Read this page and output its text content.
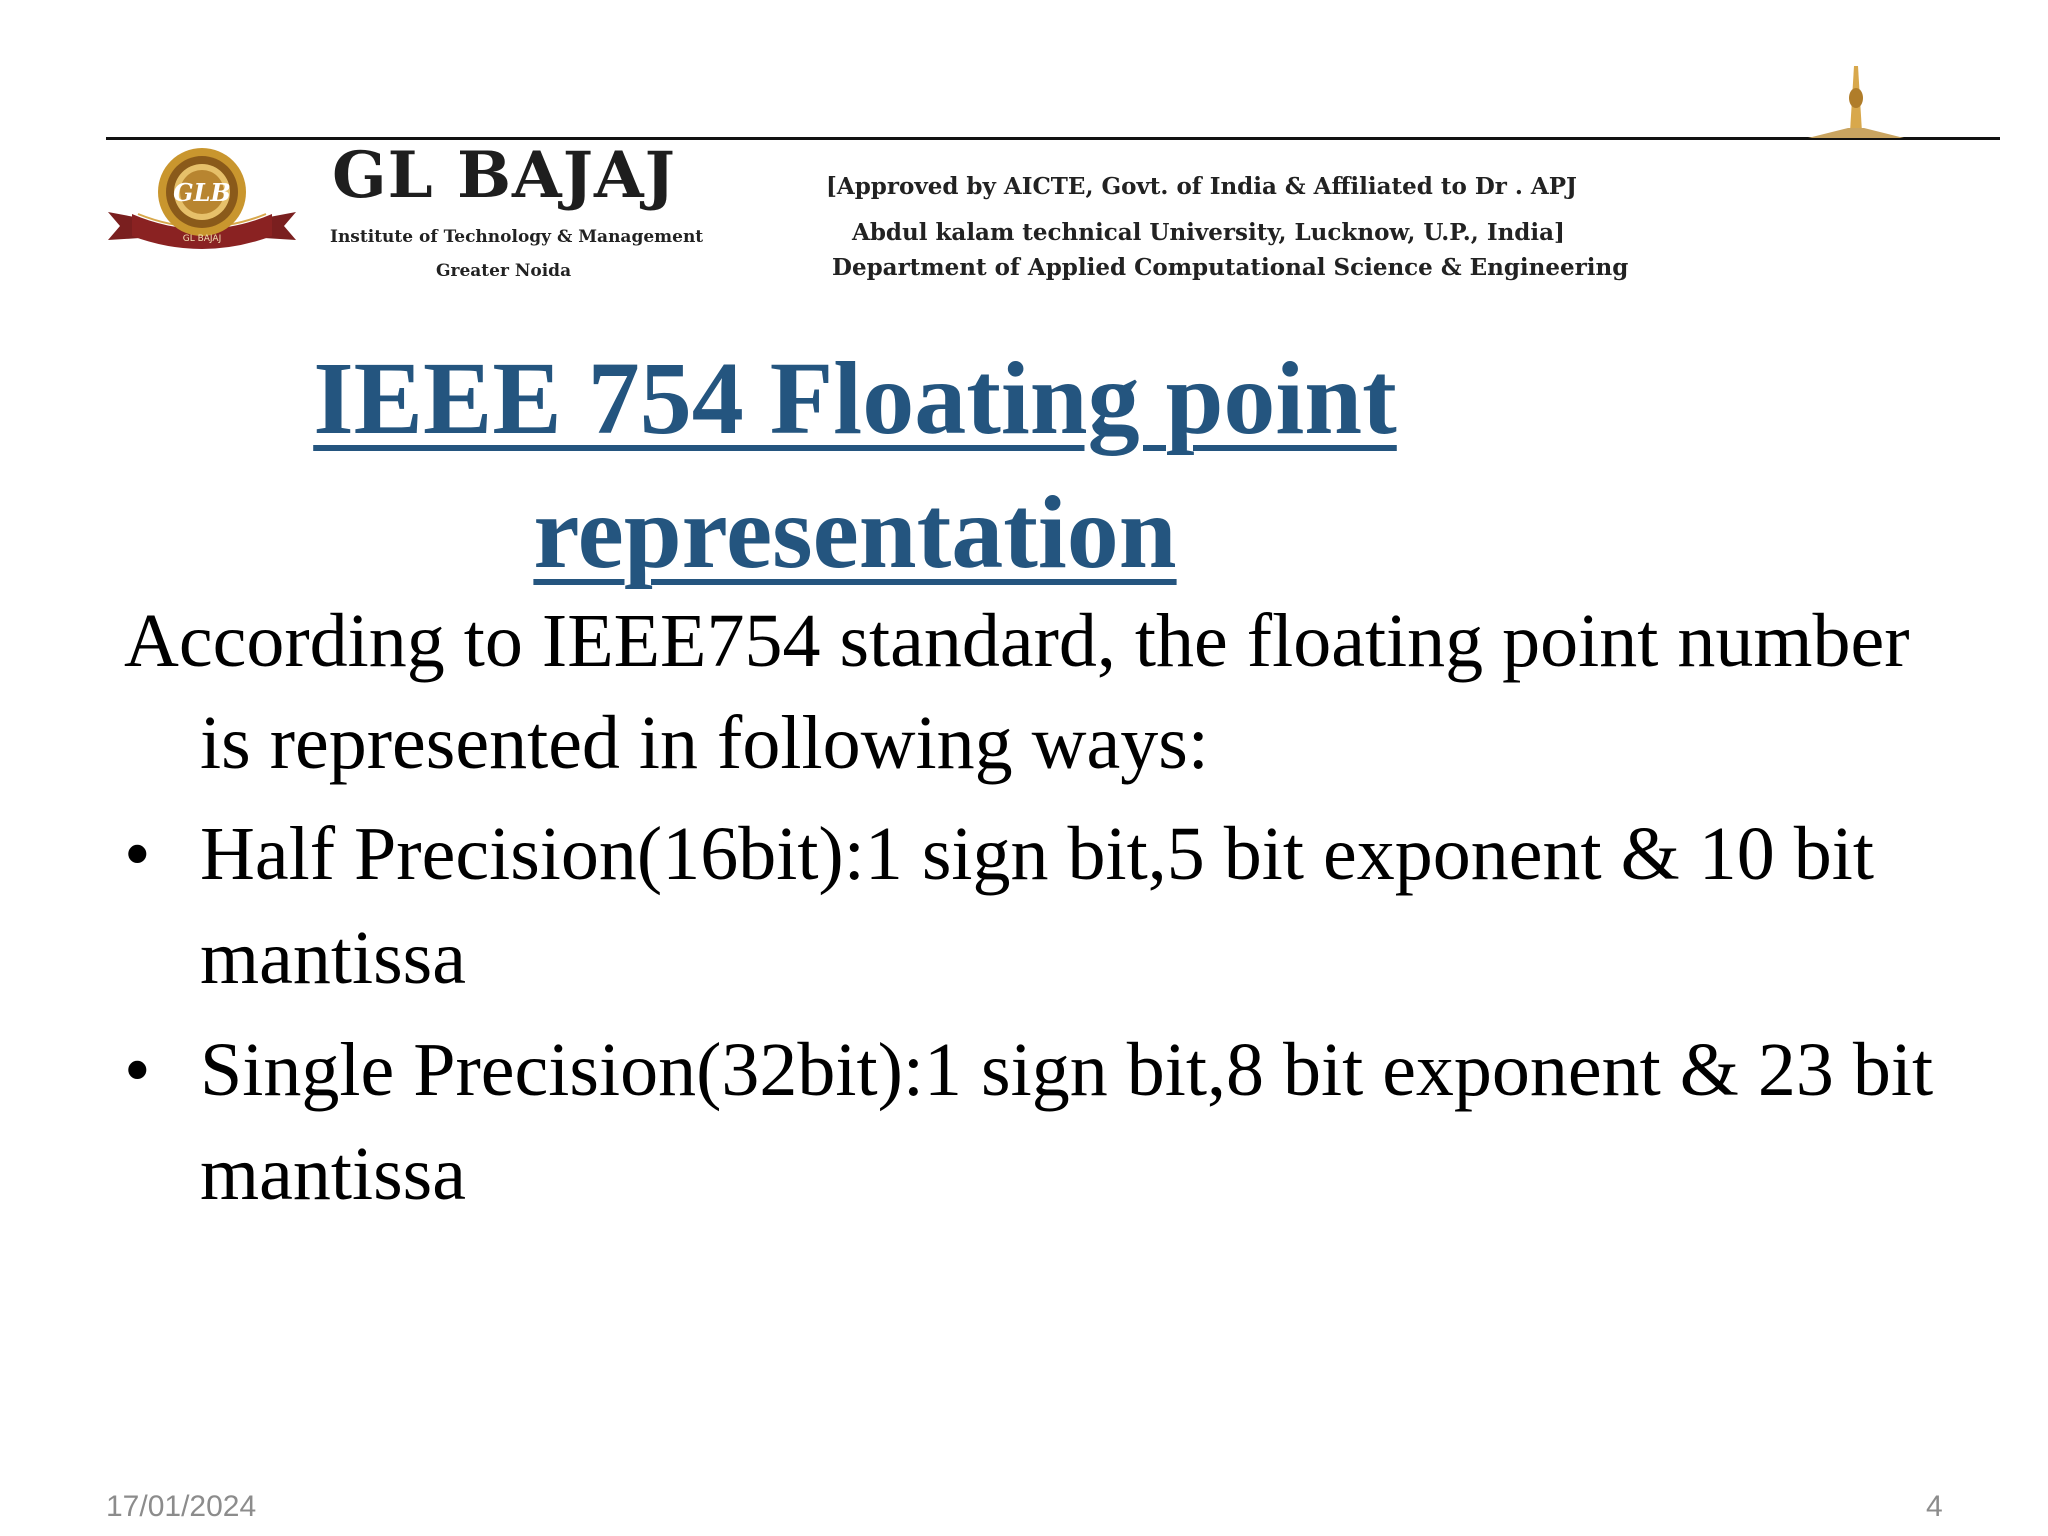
GLB
GL BAJAJ
GL BAJAJ
Institute of Technology & Management
Greater Noida
[Approved by AICTE, Govt. of India & Affiliated to Dr . APJ
Abdul kalam technical University, Lucknow, U.P., India]
Department of Applied Computational Science & Engineering
IEEE 754 Floating point
representation

According to IEEE754 standard, the floating point number is represented in following ways:

• Half Precision(16bit):1 sign bit,5 bit exponent & 10 bit mantissa
• Single Precision(32bit):1 sign bit,8 bit exponent & 23 bit mantissa
17/01/2024	4
